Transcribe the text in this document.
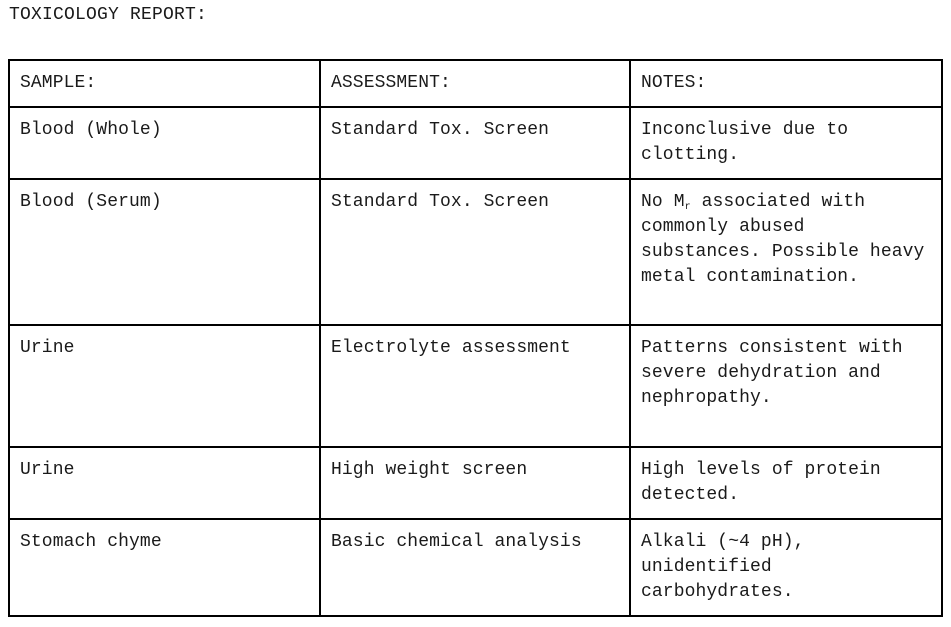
TOXICOLOGY REPORT:
SAMPLE:	ASSESSMENT:	NOTES:
Blood (Whole)	Standard Tox. Screen	Inconclusive due to clotting.
Blood (Serum)	Standard Tox. Screen	No $M_r$ associated with commonly abused substances. Possible heavy metal contamination.
Urine	Electrolyte assessment	Patterns consistent with severe dehydration and nephropathy.
Urine	High weight screen	High levels of protein detected.
Stomach chyme	Basic chemical analysis	Alkali (~4 pH), unidentified carbohydrates.
